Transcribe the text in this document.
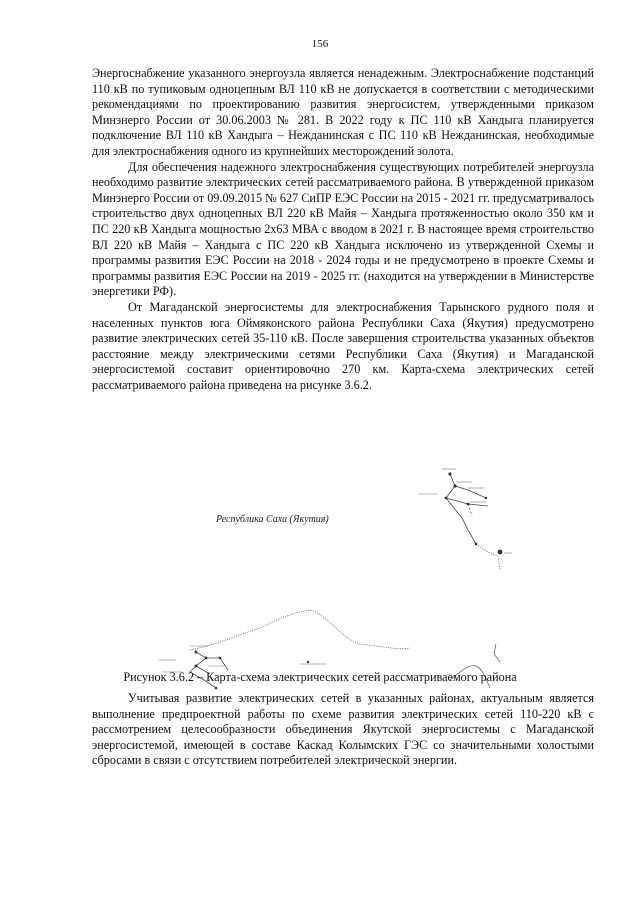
156

Энергоснабжение указанного энергоузла является ненадежным. Электроснабжение подстанций 110 кВ по тупиковым одноцепным ВЛ 110 кВ не допускается в соответствии с методическими рекомендациями по проектированию развития энергосистем, утвержденными приказом Минэнерго России от 30.06.2003 № 281. В 2022 году к ПС 110 кВ Хандыга планируется подключение ВЛ 110 кВ Хандыга – Нежданинская с ПС 110 кВ Нежданинская, необходимые для электроснабжения одного из крупнейших месторождений золота.

Для обеспечения надежного электроснабжения существующих потребителей энергоузла необходимо развитие электрических сетей рассматриваемого района. В утвержденной приказом Минэнерго России от 09.09.2015 № 627 СиПР ЕЭС России на 2015 - 2021 гг. предусматривалось строительство двух одноцепных ВЛ 220 кВ Майя – Хандыга протяженностью около 350 км и ПС 220 кВ Хандыга мощностью 2х63 МВА с вводом в 2021 г. В настоящее время строительство ВЛ 220 кВ Майя – Хандыга с ПС 220 кВ Хандыга исключено из утвержденной Схемы и программы развития ЕЭС России на 2018 - 2024 годы и не предусмотрено в проекте Схемы и программы развития ЕЭС России на 2019 - 2025 гг. (находится на утверждении в Министерстве энергетики РФ).

От Магаданской энергосистемы для электроснабжения Тарынского рудного поля и населенных пунктов юга Оймяконского района Республики Саха (Якутия) предусмотрено развитие электрических сетей 35-110 кВ. После завершения строительства указанных объектов расстояние между электрическими сетями Республики Саха (Якутия) и Магаданской энергосистемой составит ориентировочно 270 км. Карта-схема электрических сетей рассматриваемого района приведена на рисунке 3.6.2.

Республика Саха (Якутия)
Рисунок 3.6.2 – Карта-схема электрических сетей рассматриваемого района

Учитывая развитие электрических сетей в указанных районах, актуальным является выполнение предпроектной работы по схеме развития электрических сетей 110-220 кВ с рассмотрением целесообразности объединения Якутской энергосистемы с Магаданской энергосистемой, имеющей в составе Каскад Колымских ГЭС со значительными холостыми сбросами в связи с отсутствием потребителей электрической энергии.
